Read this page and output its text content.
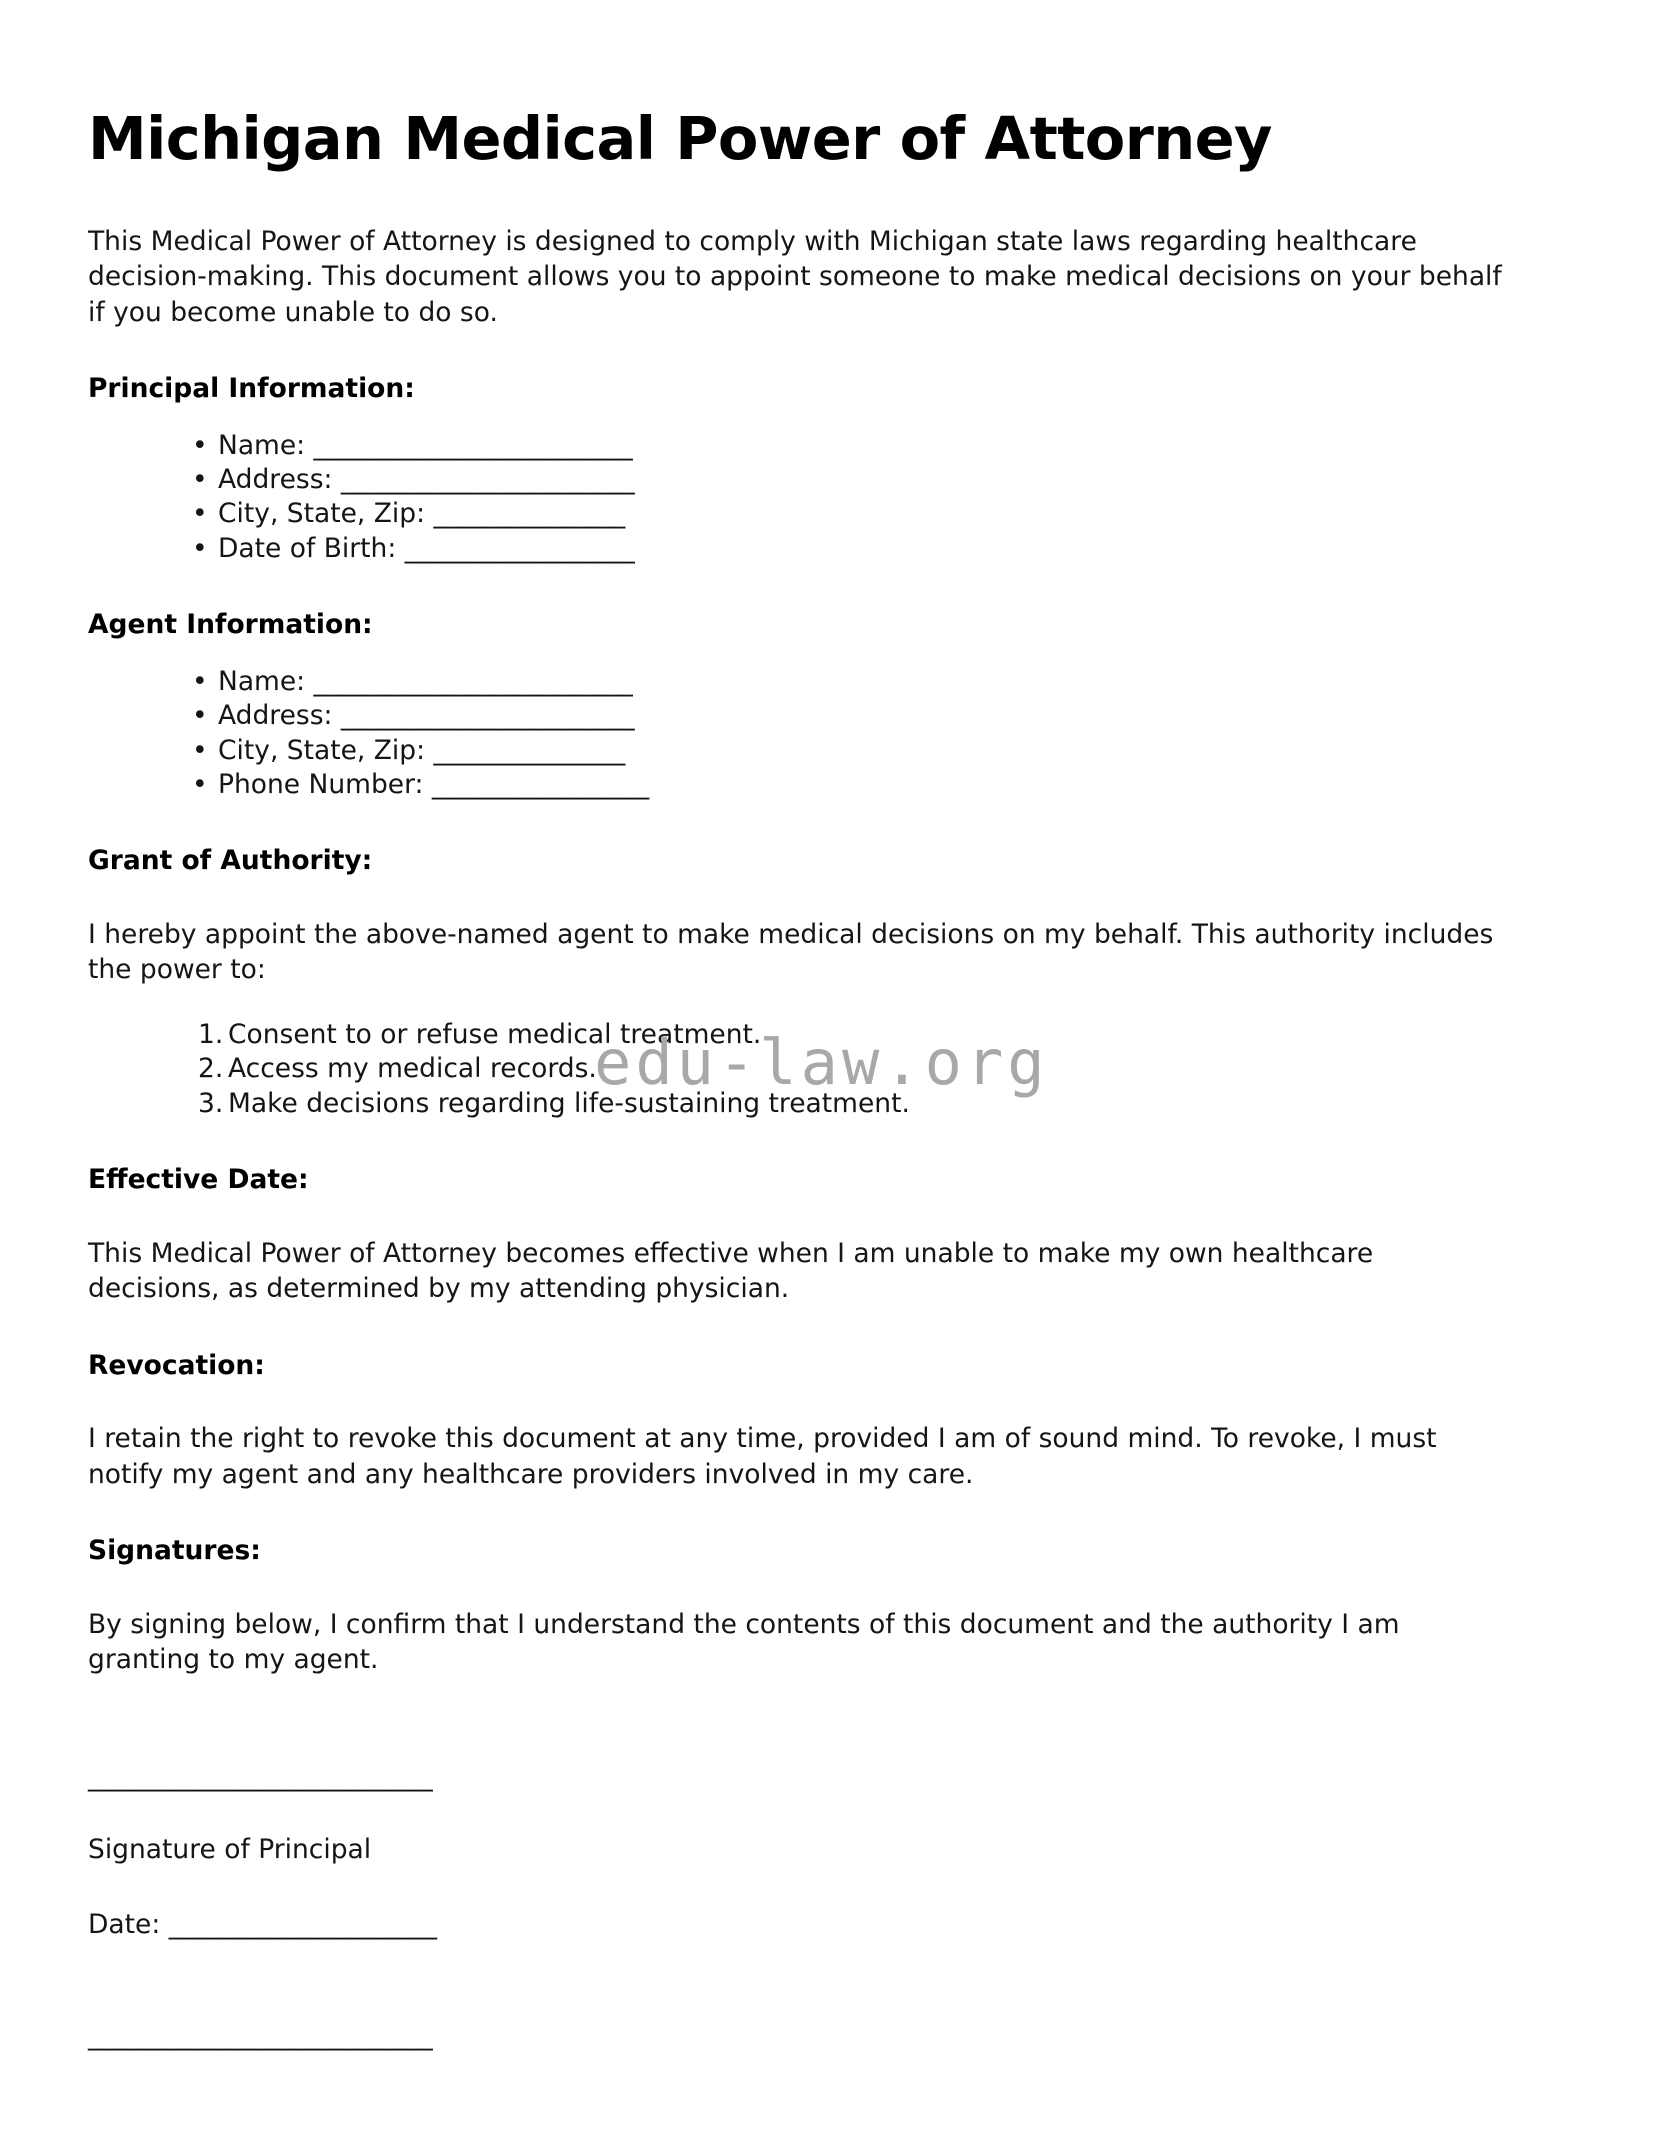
Michigan Medical Power of Attorney

This Medical Power of Attorney is designed to comply with Michigan state laws regarding healthcare decision-making. This document allows you to appoint someone to make medical decisions on your behalf if you become unable to do so.

Principal Information:

• Name: _________________________
• Address: _______________________
• City, State, Zip: _______________
• Date of Birth: __________________

Agent Information:

• Name: _________________________
• Address: _______________________
• City, State, Zip: _______________
• Phone Number: _________________

Grant of Authority:

I hereby appoint the above-named agent to make medical decisions on my behalf. This authority includes the power to:

1. Consent to or refuse medical treatment.
2. Access my medical records.
3. Make decisions regarding life-sustaining treatment.

Effective Date:

This Medical Power of Attorney becomes effective when I am unable to make my own healthcare decisions, as determined by my attending physician.

Revocation:

I retain the right to revoke this document at any time, provided I am of sound mind. To revoke, I must notify my agent and any healthcare providers involved in my care.

Signatures:

By signing below, I confirm that I understand the contents of this document and the authority I am granting to my agent.

___________________________

Signature of Principal

Date: _____________________

___________________________

edu-law.org
